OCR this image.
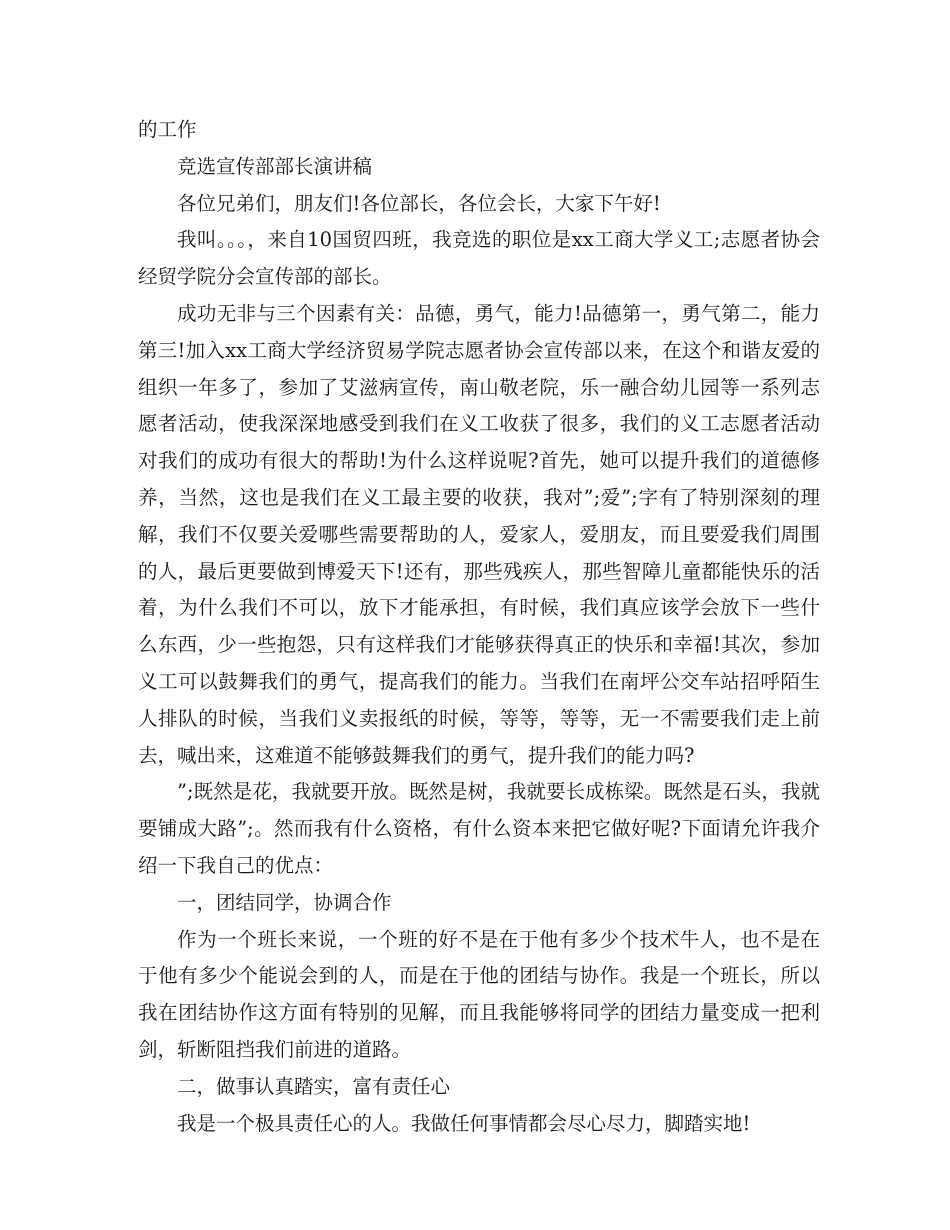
的工作

竞选宣传部部长演讲稿

各位兄弟们，朋友们!各位部长，各位会长，大家下午好!

我叫。。。，来自10国贸四班，我竞选的职位是xx工商大学义工;志愿者协会经贸学院分会宣传部的部长。

成功无非与三个因素有关：品德，勇气，能力!品德第一，勇气第二，能力第三!加入xx工商大学经济贸易学院志愿者协会宣传部以来，在这个和谐友爱的组织一年多了，参加了艾滋病宣传，南山敬老院，乐一融合幼儿园等一系列志愿者活动，使我深深地感受到我们在义工收获了很多，我们的义工志愿者活动对我们的成功有很大的帮助!为什么这样说呢?首先，她可以提升我们的道德修养，当然，这也是我们在义工最主要的收获，我对”;爱”;字有了特别深刻的理解，我们不仅要关爱哪些需要帮助的人，爱家人，爱朋友，而且要爱我们周围的人，最后更要做到博爱天下!还有，那些残疾人，那些智障儿童都能快乐的活着，为什么我们不可以，放下才能承担，有时候，我们真应该学会放下一些什么东西，少一些抱怨，只有这样我们才能够获得真正的快乐和幸福!其次，参加义工可以鼓舞我们的勇气，提高我们的能力。当我们在南坪公交车站招呼陌生人排队的时候，当我们义卖报纸的时候，等等，等等，无一不需要我们走上前去，喊出来，这难道不能够鼓舞我们的勇气，提升我们的能力吗?

”;既然是花，我就要开放。既然是树，我就要长成栋梁。既然是石头，我就要铺成大路”;。然而我有什么资格，有什么资本来把它做好呢?下面请允许我介绍一下我自己的优点：

一，团结同学，协调合作

作为一个班长来说，一个班的好不是在于他有多少个技术牛人，也不是在于他有多少个能说会到的人，而是在于他的团结与协作。我是一个班长，所以我在团结协作这方面有特别的见解，而且我能够将同学的团结力量变成一把利剑，斩断阻挡我们前进的道路。

二，做事认真踏实，富有责任心

我是一个极具责任心的人。我做任何事情都会尽心尽力，脚踏实地!
